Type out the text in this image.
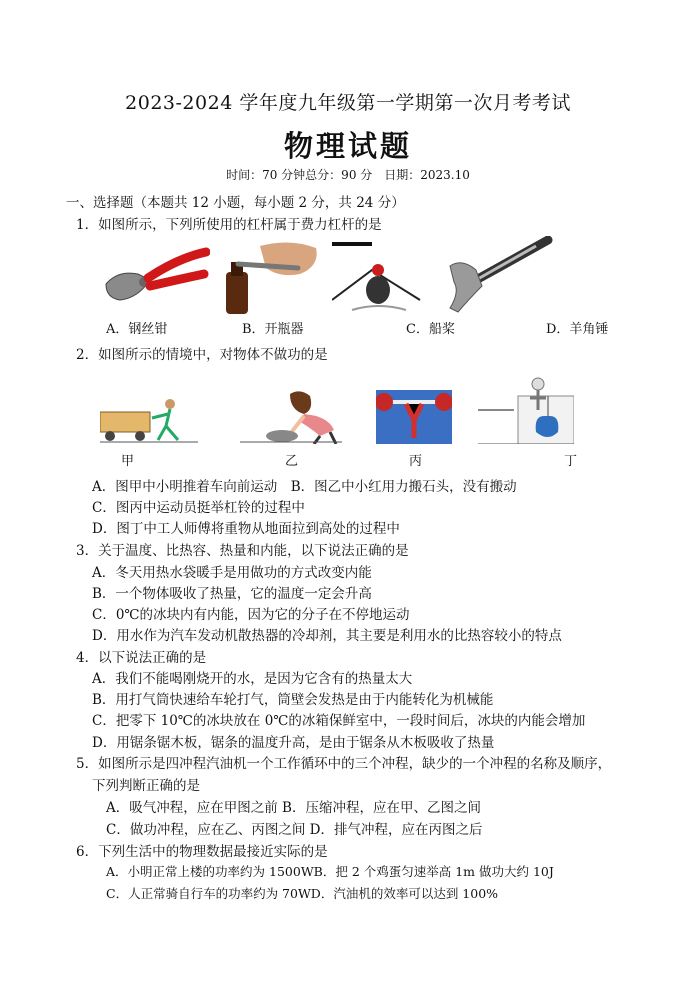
2023-2024 学年度九年级第一学期第一次月考考试
物理试题
时间：70 分钟总分：90 分　日期：2023.10
一、选择题（本题共 12 小题，每小题 2 分，共 24 分）
1．如图所示，下列所使用的杠杆属于费力杠杆的是
A．钢丝钳	B．开瓶器	C．船桨	D．羊角锤
2．如图所示的情境中，对物体不做功的是
甲	乙	丙	丁
A．图甲中小明推着车向前运动　B．图乙中小红用力搬石头，没有搬动
C．图丙中运动员挺举杠铃的过程中
D．图丁中工人师傅将重物从地面拉到高处的过程中
3．关于温度、比热容、热量和内能，以下说法正确的是
A．冬天用热水袋暖手是用做功的方式改变内能
B．一个物体吸收了热量，它的温度一定会升高
C．0℃的冰块内有内能，因为它的分子在不停地运动
D．用水作为汽车发动机散热器的冷却剂，其主要是利用水的比热容较小的特点
4．以下说法正确的是
A．我们不能喝刚烧开的水，是因为它含有的热量太大
B．用打气筒快速给车轮打气，筒壁会发热是由于内能转化为机械能
C．把零下 10℃的冰块放在 0℃的冰箱保鲜室中，一段时间后，冰块的内能会增加
D．用锯条锯木板，锯条的温度升高，是由于锯条从木板吸收了热量
5．如图所示是四冲程汽油机一个工作循环中的三个冲程，缺少的一个冲程的名称及顺序，
下列判断正确的是
A．吸气冲程，应在甲图之前 B．压缩冲程，应在甲、乙图之间
C．做功冲程，应在乙、丙图之间 D．排气冲程，应在丙图之后
6．下列生活中的物理数据最接近实际的是
A．小明正常上楼的功率约为 1500WB．把 2 个鸡蛋匀速举高 1m 做功大约 10J
C．人正常骑自行车的功率约为 70WD．汽油机的效率可以达到 100%
